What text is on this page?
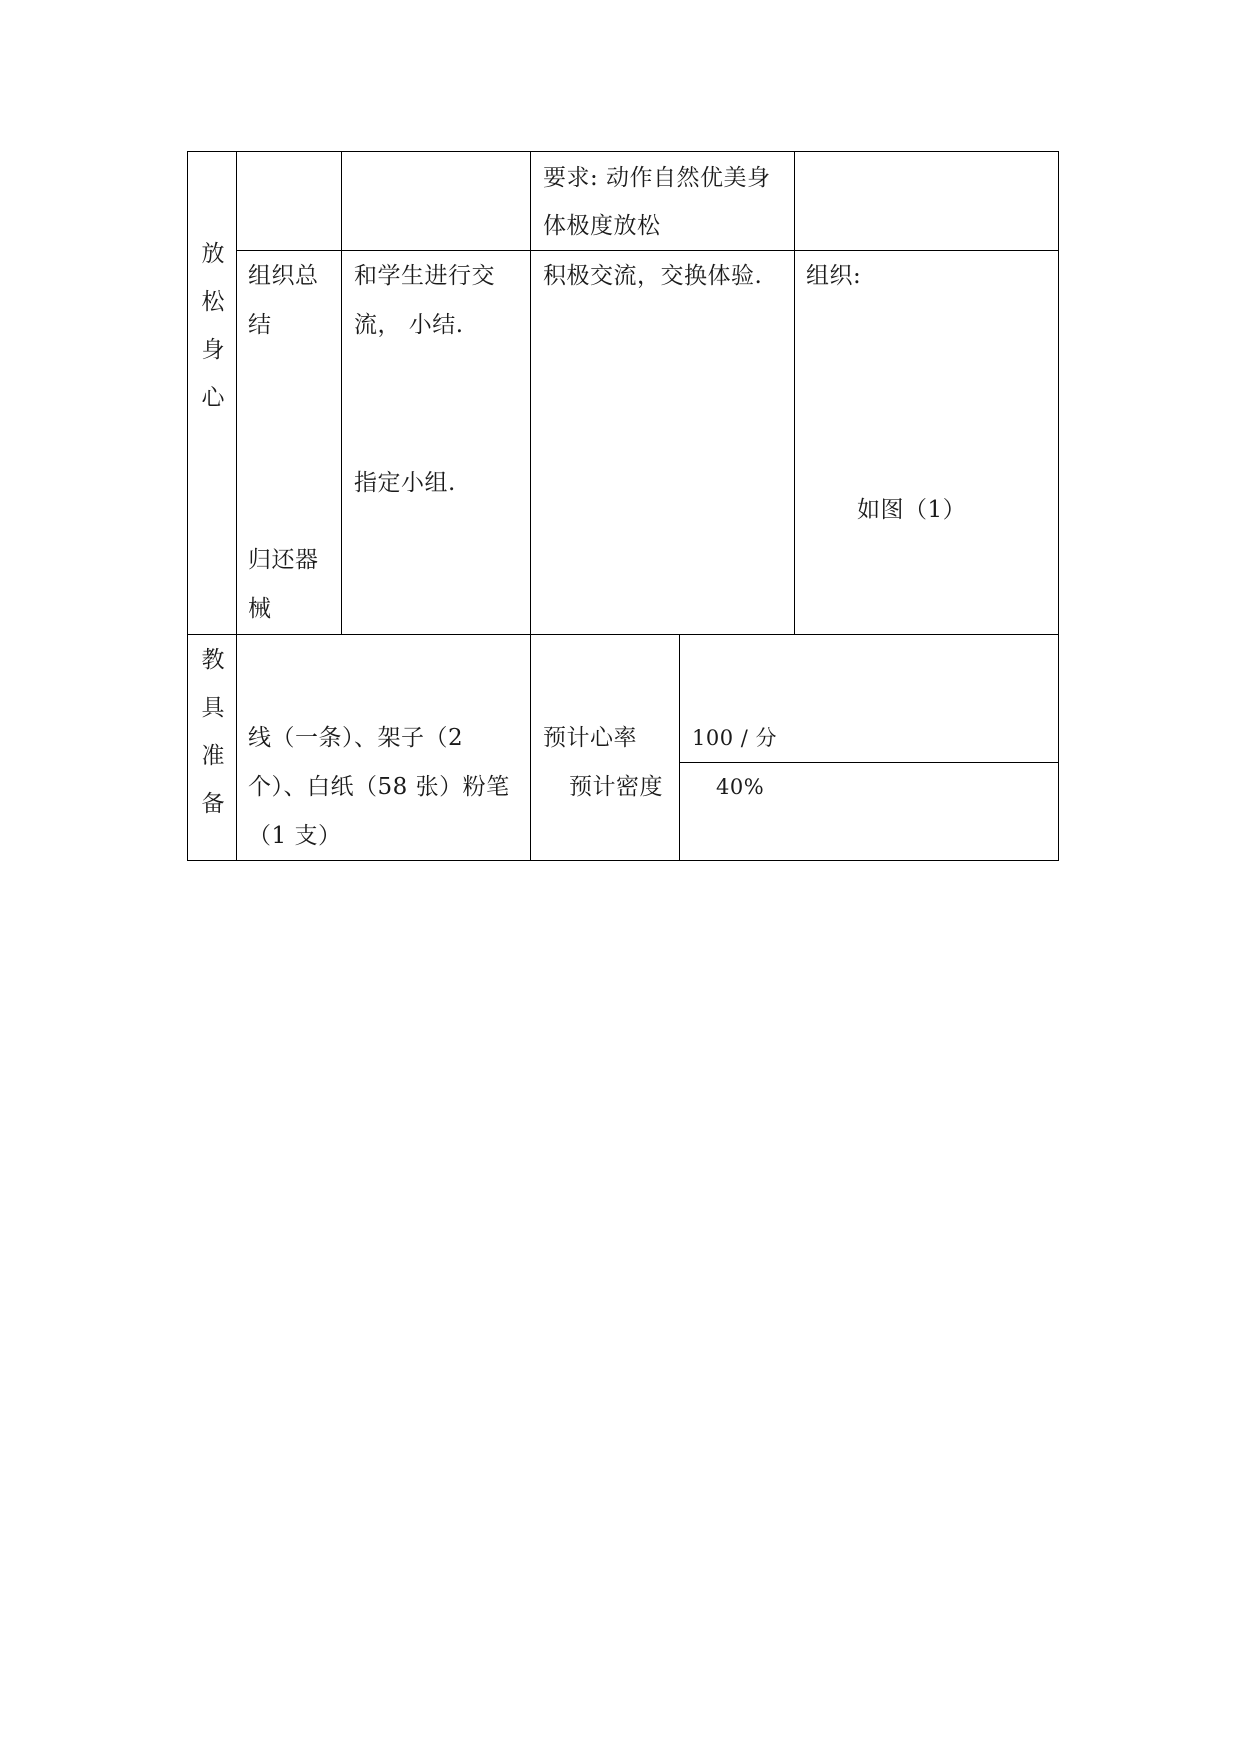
放松身心
要求: 动作自然优美身
体极度放松
组织总
结
归还器
械
和学生进行交
流， 小结.
指定小组.
积极交流，交换体验. 组织:
如图（1）
教具准备
线（一条）、架子（2
个）、白纸（58 张）粉笔
（1 支）
预计心率	100 / 分
预计密度	40%
